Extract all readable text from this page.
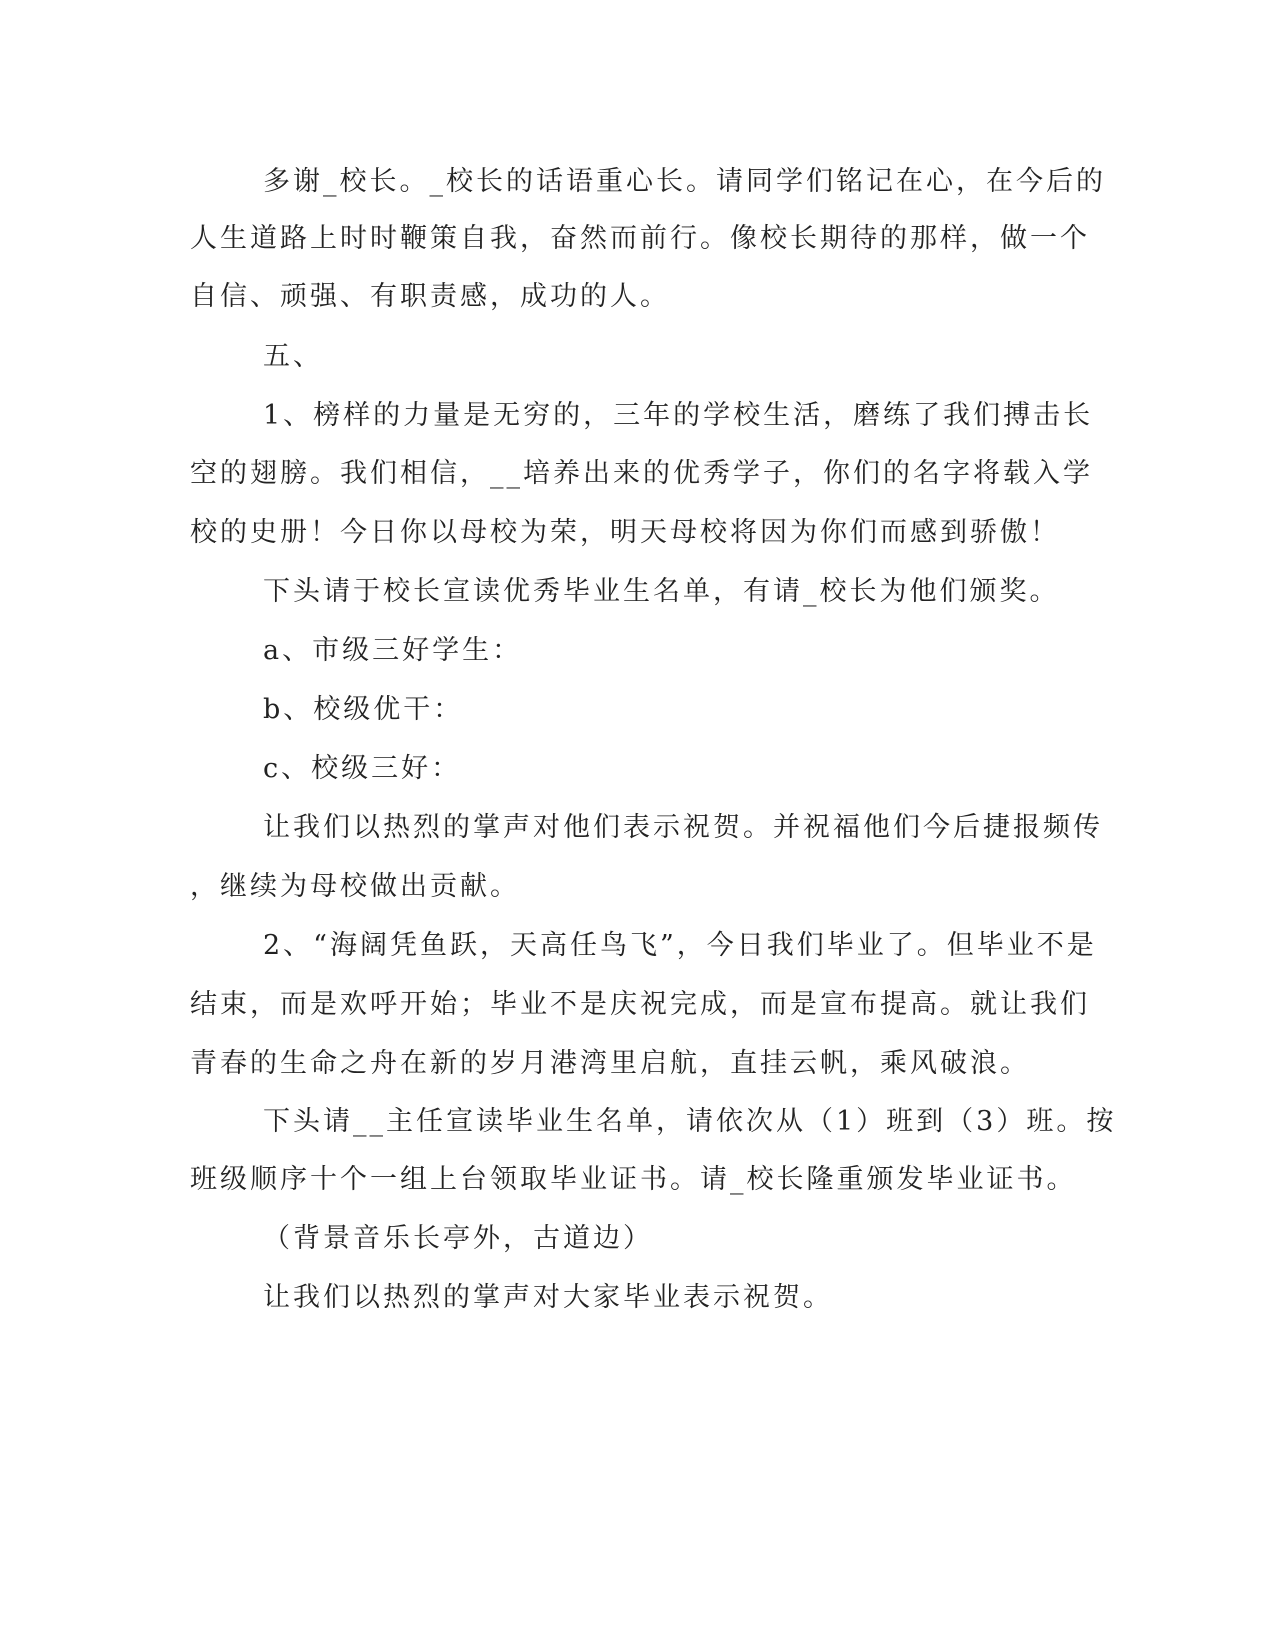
多谢_校长。_校长的话语重心长。请同学们铭记在心，在今后的
人生道路上时时鞭策自我，奋然而前行。像校长期待的那样，做一个
自信、顽强、有职责感，成功的人。
五、
1、榜样的力量是无穷的，三年的学校生活，磨练了我们搏击长
空的翅膀。我们相信，__培养出来的优秀学子，你们的名字将载入学
校的史册！今日你以母校为荣，明天母校将因为你们而感到骄傲！
下头请于校长宣读优秀毕业生名单，有请_校长为他们颁奖。
a、市级三好学生：
b、校级优干：
c、校级三好：
让我们以热烈的掌声对他们表示祝贺。并祝福他们今后捷报频传
，继续为母校做出贡献。
2、“海阔凭鱼跃，天高任鸟飞”，今日我们毕业了。但毕业不是
结束，而是欢呼开始；毕业不是庆祝完成，而是宣布提高。就让我们
青春的生命之舟在新的岁月港湾里启航，直挂云帆，乘风破浪。
下头请__主任宣读毕业生名单，请依次从（1）班到（3）班。按
班级顺序十个一组上台领取毕业证书。请_校长隆重颁发毕业证书。
（背景音乐长亭外，古道边）
让我们以热烈的掌声对大家毕业表示祝贺。
